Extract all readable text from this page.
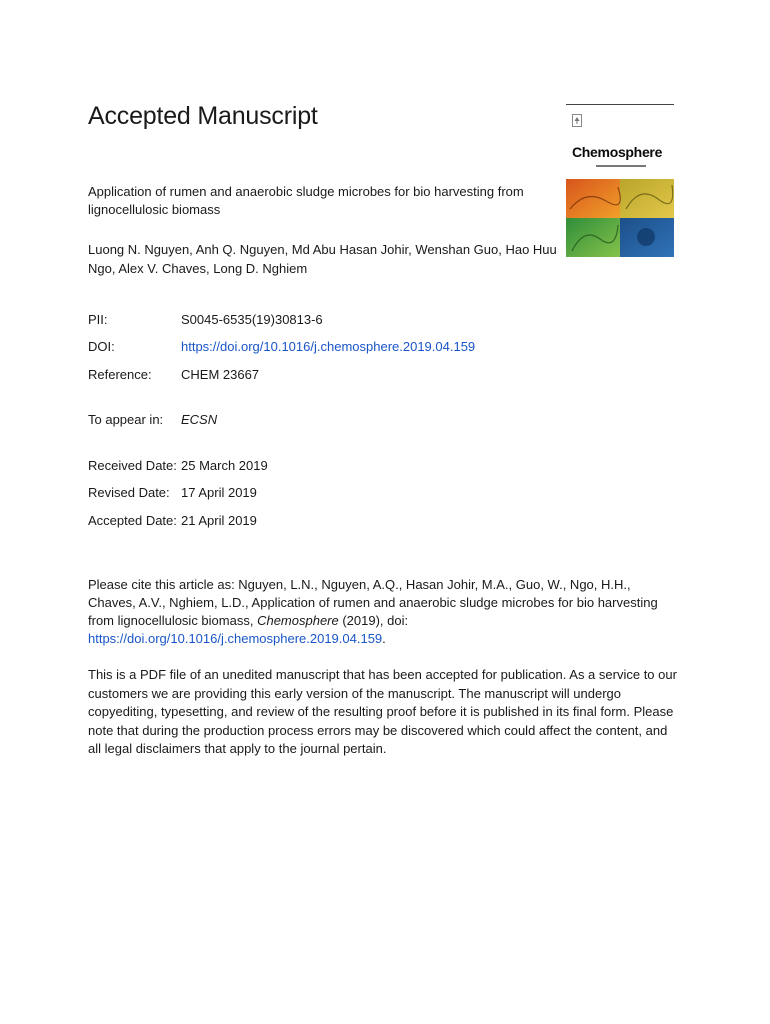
Accepted Manuscript
Chemosphere
Application of rumen and anaerobic sludge microbes for bio harvesting from lignocellulosic biomass
Luong N. Nguyen, Anh Q. Nguyen, Md Abu Hasan Johir, Wenshan Guo, Hao Huu Ngo, Alex V. Chaves, Long D. Nghiem
PII:	S0045-6535(19)30813-6
DOI:	https://doi.org/10.1016/j.chemosphere.2019.04.159
Reference: CHEM 23667
To appear in: ECSN
Received Date: 25 March 2019
Revised Date: 17 April 2019
Accepted Date: 21 April 2019
Please cite this article as: Nguyen, L.N., Nguyen, A.Q., Hasan Johir, M.A., Guo, W., Ngo, H.H., Chaves, A.V., Nghiem, L.D., Application of rumen and anaerobic sludge microbes for bio harvesting from lignocellulosic biomass, Chemosphere (2019), doi: https://doi.org/10.1016/j.chemosphere.2019.04.159.
This is a PDF file of an unedited manuscript that has been accepted for publication. As a service to our customers we are providing this early version of the manuscript. The manuscript will undergo copyediting, typesetting, and review of the resulting proof before it is published in its final form. Please note that during the production process errors may be discovered which could affect the content, and all legal disclaimers that apply to the journal pertain.
